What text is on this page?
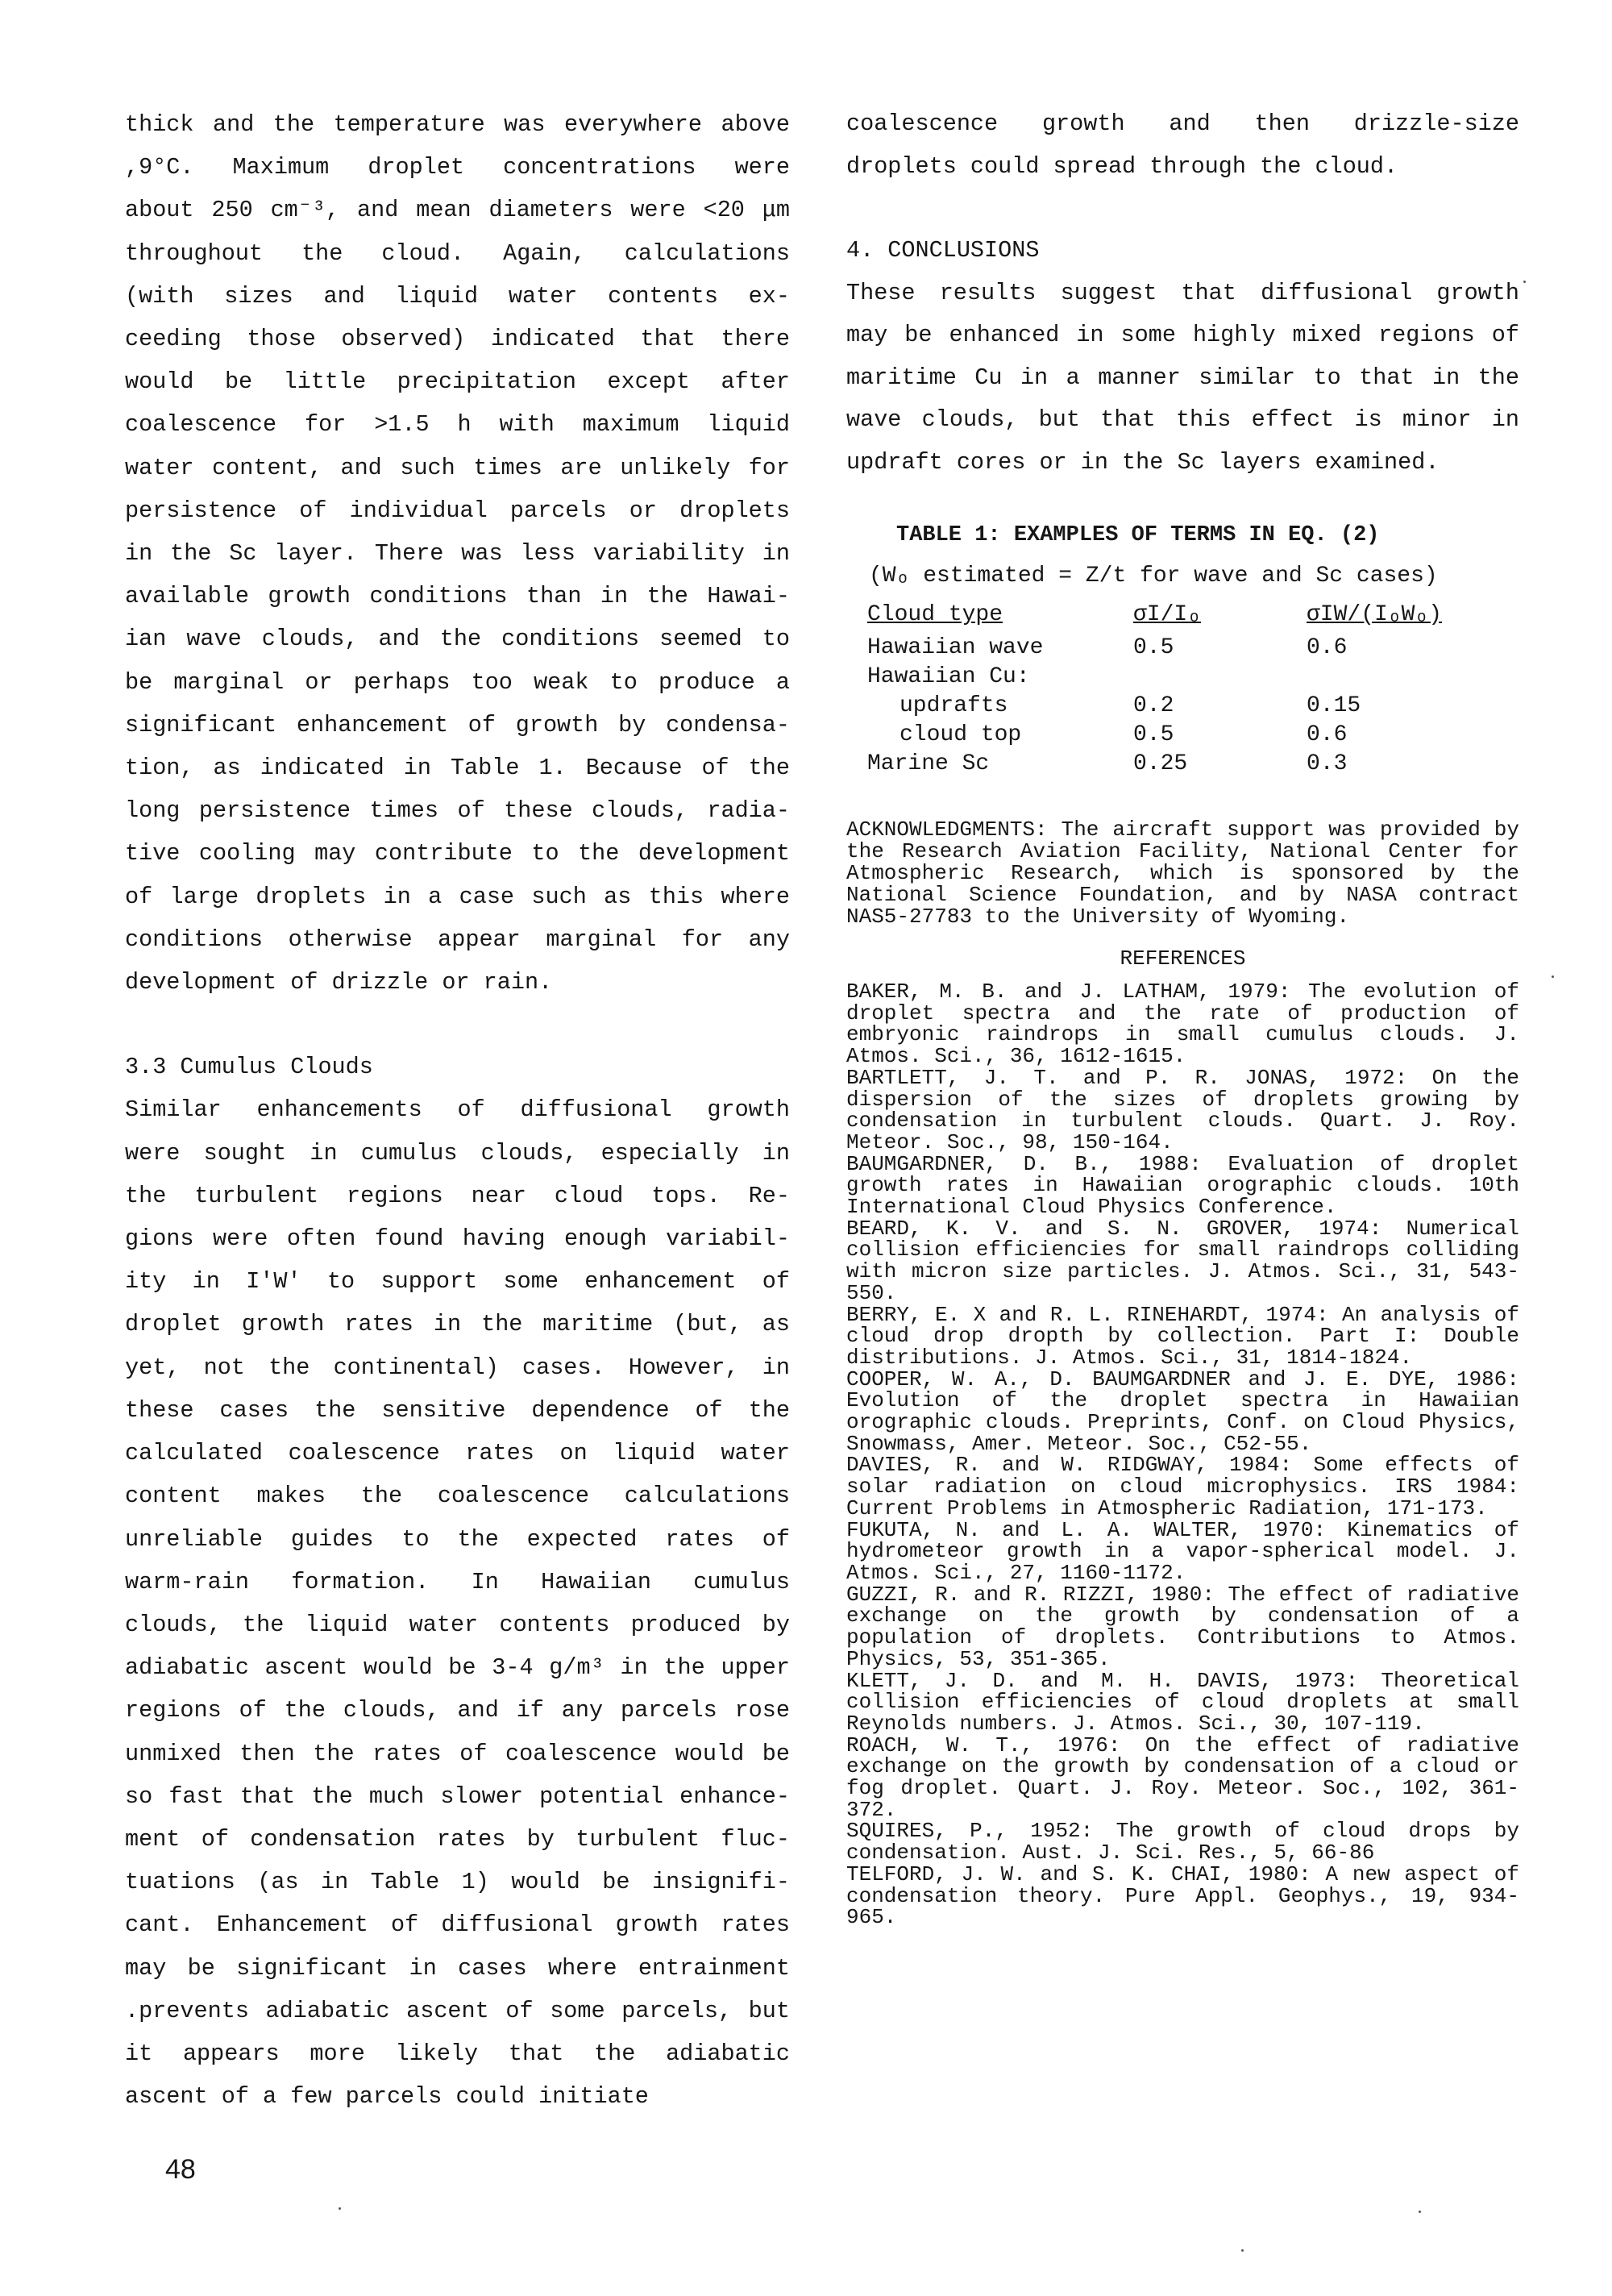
thick and the temperature was everywhere above
,9°C. Maximum droplet concentrations were
about 250 cm⁻³, and mean diameters were <20 μm
throughout the cloud. Again, calculations
(with sizes and liquid water contents ex-
ceeding those observed) indicated that there
would be little precipitation except after
coalescence for >1.5 h with maximum liquid
water content, and such times are unlikely for
persistence of individual parcels or droplets
in the Sc layer. There was less variability in
available growth conditions than in the Hawai-
ian wave clouds, and the conditions seemed to
be marginal or perhaps too weak to produce a
significant enhancement of growth by condensa-
tion, as indicated in Table 1. Because of the
long persistence times of these clouds, radia-
tive cooling may contribute to the development
of large droplets in a case such as this where
conditions otherwise appear marginal for any
development of drizzle or rain.
3.3 Cumulus Clouds
Similar enhancements of diffusional growth
were sought in cumulus clouds, especially in
the turbulent regions near cloud tops. Re-
gions were often found having enough variabil-
ity in I'W' to support some enhancement of
droplet growth rates in the maritime (but, as
yet, not the continental) cases. However, in
these cases the sensitive dependence of the
calculated coalescence rates on liquid water
content makes the coalescence calculations
unreliable guides to the expected rates of
warm-rain formation. In Hawaiian cumulus
clouds, the liquid water contents produced by
adiabatic ascent would be 3-4 g/m³ in the upper
regions of the clouds, and if any parcels rose
unmixed then the rates of coalescence would be
so fast that the much slower potential enhance-
ment of condensation rates by turbulent fluc-
tuations (as in Table 1) would be insignifi-
cant. Enhancement of diffusional growth rates
may be significant in cases where entrainment
.prevents adiabatic ascent of some parcels, but
it appears more likely that the adiabatic
ascent of a few parcels could initiate
coalescence growth and then drizzle-size
droplets could spread through the cloud.
4. CONCLUSIONS
These results suggest that diffusional growth
may be enhanced in some highly mixed regions of
maritime Cu in a manner similar to that in the
wave clouds, but that this effect is minor in
updraft cores or in the Sc layers examined.
TABLE 1: EXAMPLES OF TERMS IN EQ. (2)
(Wₒ estimated = Z/t for wave and Sc cases)
Cloud type	σI/Iₒ	σIW/(IₒWₒ)
Hawaiian wave	0.5	0.6
Hawaiian Cu:		
updrafts	0.2	0.15
cloud top	0.5	0.6
Marine Sc	0.25	0.3
ACKNOWLEDGMENTS: The aircraft support was provided by the Research Aviation Facility, National Center for Atmospheric Research, which is sponsored by the National Science Foundation, and by NASA contract NAS5-27783 to the University of Wyoming.
REFERENCES
BAKER, M. B. and J. LATHAM, 1979: The evolution of droplet spectra and the rate of production of embryonic raindrops in small cumulus clouds. J. Atmos. Sci., 36, 1612-1615.
BARTLETT, J. T. and P. R. JONAS, 1972: On the dispersion of the sizes of droplets growing by condensation in turbulent clouds. Quart. J. Roy. Meteor. Soc., 98, 150-164.
BAUMGARDNER, D. B., 1988: Evaluation of droplet growth rates in Hawaiian orographic clouds. 10th International Cloud Physics Conference.
BEARD, K. V. and S. N. GROVER, 1974: Numerical collision efficiencies for small raindrops colliding with micron size particles. J. Atmos. Sci., 31, 543-550.
BERRY, E. X and R. L. RINEHARDT, 1974: An analysis of cloud drop dropth by collection. Part I: Double distributions. J. Atmos. Sci., 31, 1814-1824.
COOPER, W. A., D. BAUMGARDNER and J. E. DYE, 1986: Evolution of the droplet spectra in Hawaiian orographic clouds. Preprints, Conf. on Cloud Physics, Snowmass, Amer. Meteor. Soc., C52-55.
DAVIES, R. and W. RIDGWAY, 1984: Some effects of solar radiation on cloud microphysics. IRS 1984: Current Problems in Atmospheric Radiation, 171-173.
FUKUTA, N. and L. A. WALTER, 1970: Kinematics of hydrometeor growth in a vapor-spherical model. J. Atmos. Sci., 27, 1160-1172.
GUZZI, R. and R. RIZZI, 1980: The effect of radiative exchange on the growth by condensation of a population of droplets. Contributions to Atmos. Physics, 53, 351-365.
KLETT, J. D. and M. H. DAVIS, 1973: Theoretical collision efficiencies of cloud droplets at small Reynolds numbers. J. Atmos. Sci., 30, 107-119.
ROACH, W. T., 1976: On the effect of radiative exchange on the growth by condensation of a cloud or fog droplet. Quart. J. Roy. Meteor. Soc., 102, 361-372.
SQUIRES, P., 1952: The growth of cloud drops by condensation. Aust. J. Sci. Res., 5, 66-86
TELFORD, J. W. and S. K. CHAI, 1980: A new aspect of condensation theory. Pure Appl. Geophys., 19, 934-965.
48
